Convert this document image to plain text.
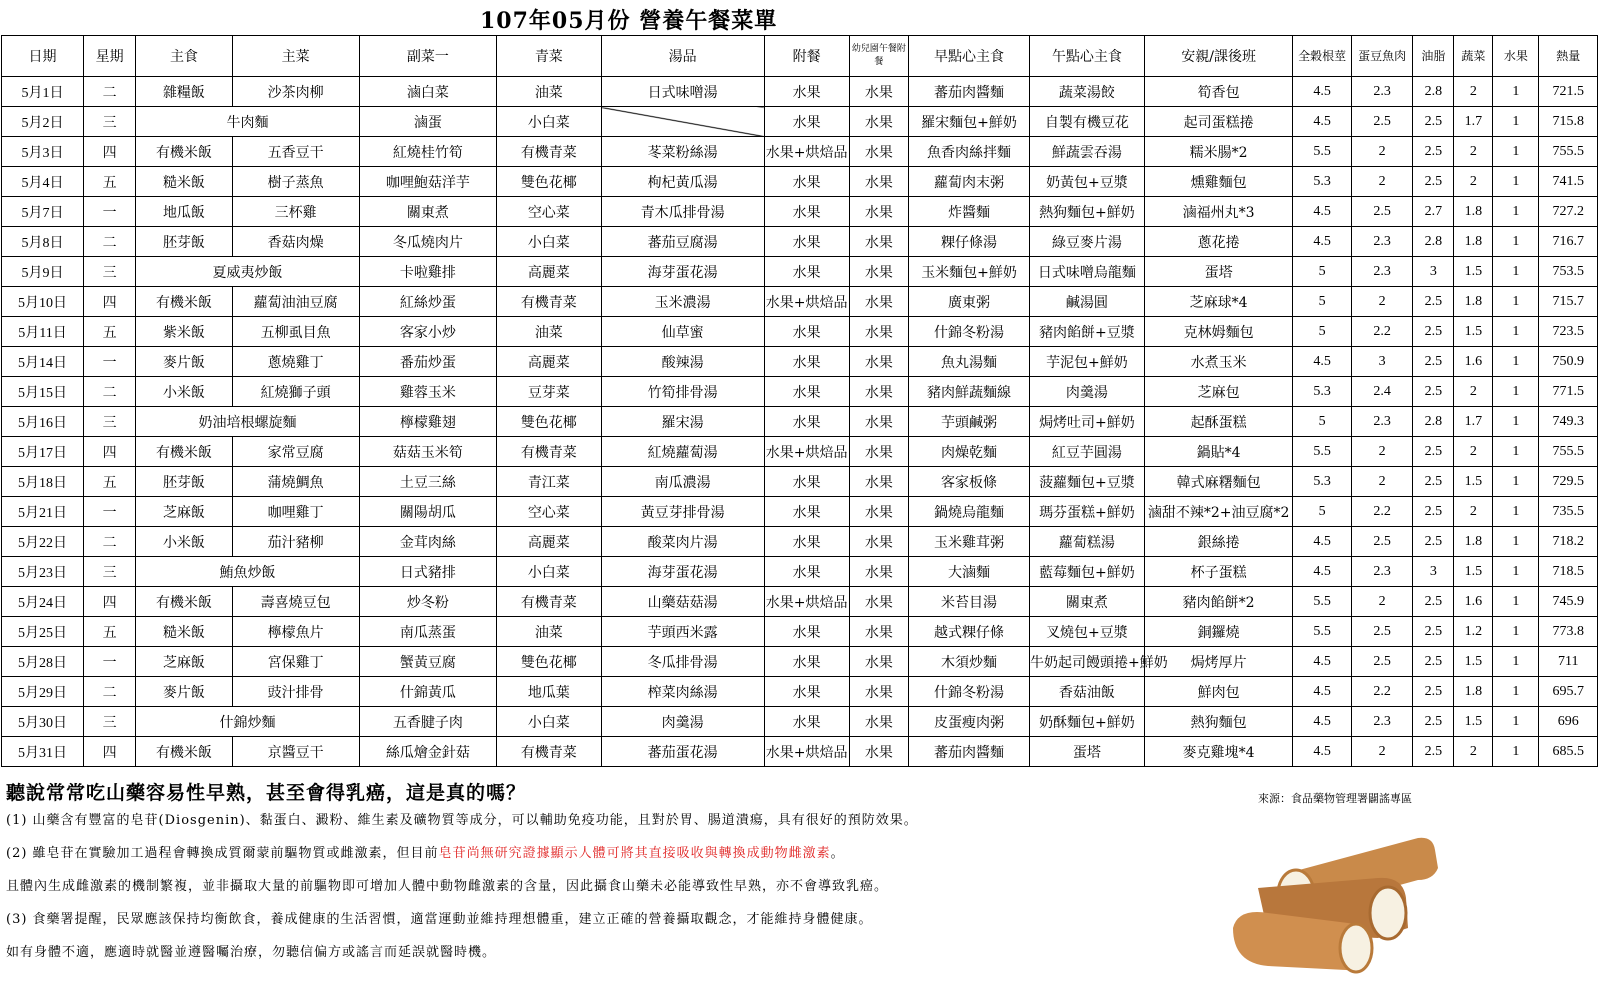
107年05月份 營養午餐菜單
日期	星期	主食	主菜	副菜一	青菜	湯品	附餐	幼兒園午餐附餐	早點心主食	午點心主食	安親/課後班	全穀根莖	蛋豆魚肉	油脂	蔬菜	水果	熱量
5月1日	二	雜糧飯	沙茶肉柳	滷白菜	油菜	日式味噌湯	水果	水果	蕃茄肉醬麵	蔬菜湯餃	筍香包	4.5	2.3	2.8	2	1	721.5
5月2日	三	牛肉麵		滷蛋	小白菜		水果	水果	羅宋麵包+鮮奶	自製有機豆花	起司蛋糕捲	4.5	2.5	2.5	1.7	1	715.8
5月3日	四	有機米飯	五香豆干	紅燒桂竹筍	有機青菜	苳菜粉絲湯	水果+烘焙品	水果	魚香肉絲拌麵	鮮蔬雲吞湯	糯米腸*2	5.5	2	2.5	2	1	755.5
5月4日	五	糙米飯	樹子蒸魚	咖哩鮑菇洋芋	雙色花椰	枸杞黃瓜湯	水果	水果	蘿蔔肉末粥	奶黃包+豆漿	燻雞麵包	5.3	2	2.5	2	1	741.5
5月7日	一	地瓜飯	三杯雞	關東煮	空心菜	青木瓜排骨湯	水果	水果	炸醬麵	熱狗麵包+鮮奶	滷福州丸*3	4.5	2.5	2.7	1.8	1	727.2
5月8日	二	胚芽飯	香菇肉燥	冬瓜燒肉片	小白菜	蕃茄豆腐湯	水果	水果	粿仔條湯	綠豆麥片湯	蔥花捲	4.5	2.3	2.8	1.8	1	716.7
5月9日	三	夏威夷炒飯		卡啦雞排	高麗菜	海芽蛋花湯	水果	水果	玉米麵包+鮮奶	日式味噌烏龍麵	蛋塔	5	2.3	3	1.5	1	753.5
5月10日	四	有機米飯	蘿蔔油油豆腐	紅絲炒蛋	有機青菜	玉米濃湯	水果+烘焙品	水果	廣東粥	鹹湯圓	芝麻球*4	5	2	2.5	1.8	1	715.7
5月11日	五	紫米飯	五柳虱目魚	客家小炒	油菜	仙草蜜	水果	水果	什錦冬粉湯	豬肉餡餅+豆漿	克林姆麵包	5	2.2	2.5	1.5	1	723.5
5月14日	一	麥片飯	蔥燒雞丁	番茄炒蛋	高麗菜	酸辣湯	水果	水果	魚丸湯麵	芋泥包+鮮奶	水煮玉米	4.5	3	2.5	1.6	1	750.9
5月15日	二	小米飯	紅燒獅子頭	雞蓉玉米	豆芽菜	竹筍排骨湯	水果	水果	豬肉鮮蔬麵線	肉羹湯	芝麻包	5.3	2.4	2.5	2	1	771.5
5月16日	三	奶油培根螺旋麵		檸檬雞翅	雙色花椰	羅宋湯	水果	水果	芋頭鹹粥	焗烤吐司+鮮奶	起酥蛋糕	5	2.3	2.8	1.7	1	749.3
5月17日	四	有機米飯	家常豆腐	菇菇玉米筍	有機青菜	紅燒蘿蔔湯	水果+烘焙品	水果	肉燥乾麵	紅豆芋圓湯	鍋貼*4	5.5	2	2.5	2	1	755.5
5月18日	五	胚芽飯	蒲燒鯛魚	土豆三絲	青江菜	南瓜濃湯	水果	水果	客家板條	菠蘿麵包+豆漿	韓式麻糬麵包	5.3	2	2.5	1.5	1	729.5
5月21日	一	芝麻飯	咖哩雞丁	關陽胡瓜	空心菜	黃豆芽排骨湯	水果	水果	鍋燒烏龍麵	瑪芬蛋糕+鮮奶	滷甜不辣*2+油豆腐*2	5	2.2	2.5	2	1	735.5
5月22日	二	小米飯	茄汁豬柳	金茸肉絲	高麗菜	酸菜肉片湯	水果	水果	玉米雞茸粥	蘿蔔糕湯	銀絲捲	4.5	2.5	2.5	1.8	1	718.2
5月23日	三	鮪魚炒飯		日式豬排	小白菜	海芽蛋花湯	水果	水果	大滷麵	藍莓麵包+鮮奶	杯子蛋糕	4.5	2.3	3	1.5	1	718.5
5月24日	四	有機米飯	壽喜燒豆包	炒冬粉	有機青菜	山藥菇菇湯	水果+烘焙品	水果	米苔目湯	關東煮	豬肉餡餅*2	5.5	2	2.5	1.6	1	745.9
5月25日	五	糙米飯	檸檬魚片	南瓜蒸蛋	油菜	芋頭西米露	水果	水果	越式粿仔條	叉燒包+豆漿	銅鑼燒	5.5	2.5	2.5	1.2	1	773.8
5月28日	一	芝麻飯	宮保雞丁	蟹黃豆腐	雙色花椰	冬瓜排骨湯	水果	水果	木須炒麵	牛奶起司饅頭捲+鮮奶	焗烤厚片	4.5	2.5	2.5	1.5	1	711
5月29日	二	麥片飯	豉汁排骨	什錦黃瓜	地瓜葉	榨菜肉絲湯	水果	水果	什錦冬粉湯	香菇油飯	鮮肉包	4.5	2.2	2.5	1.8	1	695.7
5月30日	三	什錦炒麵		五香腱子肉	小白菜	肉羹湯	水果	水果	皮蛋瘦肉粥	奶酥麵包+鮮奶	熱狗麵包	4.5	2.3	2.5	1.5	1	696
5月31日	四	有機米飯	京醬豆干	絲瓜燴金針菇	有機青菜	蕃茄蛋花湯	水果+烘焙品	水果	蕃茄肉醬麵	蛋塔	麥克雞塊*4	4.5	2	2.5	2	1	685.5
來源：食品藥物管理署闢謠專區
聽說常常吃山藥容易性早熟，甚至會得乳癌，這是真的嗎？
(1) 山藥含有豐富的皂苷(Diosgenin)、黏蛋白、澱粉、維生素及礦物質等成分，可以輔助免疫功能，且對於胃、腸道潰瘍，具有很好的預防效果。
(2) 雖皂苷在實驗加工過程會轉換成質爾蒙前驅物質或雌激素，但目前皂苷尚無研究證據顯示人體可將其直接吸收與轉換成動物雌激素。
且體內生成雌激素的機制繁複，並非攝取大量的前驅物即可增加人體中動物雌激素的含量，因此攝食山藥未必能導致性早熟，亦不會導致乳癌。
(3) 食藥署提醒，民眾應該保持均衡飲食，養成健康的生活習慣，適當運動並維持理想體重，建立正確的營養攝取觀念，才能維持身體健康。
如有身體不適，應適時就醫並遵醫囑治療，勿聽信偏方或謠言而延誤就醫時機。
